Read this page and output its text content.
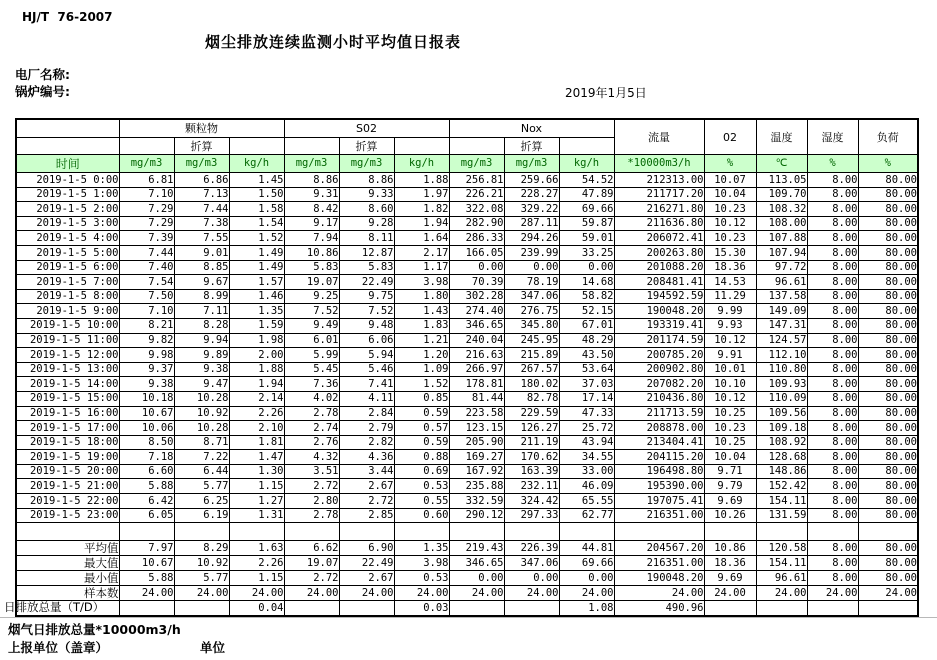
HJ/T  76-2007
烟尘排放连续监测小时平均值日报表
电厂名称:
锅炉编号:	2019年1月5日
	颗粒物			S02			Nox			流量	02	温度	湿度	负荷
		折算			折算			折算						
时间	mg/m3	mg/m3	kg/h	mg/m3	mg/m3	kg/h	mg/m3	mg/m3	kg/h	*10000m3/h	%	℃	%	%
2019-1-5 0:00	6.81	6.86	1.45	8.86	8.86	1.88	256.81	259.66	54.52	212313.00	10.07	113.05	8.00	80.00
2019-1-5 1:00	7.10	7.13	1.50	9.31	9.33	1.97	226.21	228.27	47.89	211717.20	10.04	109.70	8.00	80.00
2019-1-5 2:00	7.29	7.44	1.58	8.42	8.60	1.82	322.08	329.22	69.66	216271.80	10.23	108.32	8.00	80.00
2019-1-5 3:00	7.29	7.38	1.54	9.17	9.28	1.94	282.90	287.11	59.87	211636.80	10.12	108.00	8.00	80.00
2019-1-5 4:00	7.39	7.55	1.52	7.94	8.11	1.64	286.33	294.26	59.01	206072.41	10.23	107.88	8.00	80.00
2019-1-5 5:00	7.44	9.01	1.49	10.86	12.87	2.17	166.05	239.99	33.25	200263.80	15.30	107.94	8.00	80.00
2019-1-5 6:00	7.40	8.85	1.49	5.83	5.83	1.17	0.00	0.00	0.00	201088.20	18.36	97.72	8.00	80.00
2019-1-5 7:00	7.54	9.67	1.57	19.07	22.49	3.98	70.39	78.19	14.68	208481.41	14.53	96.61	8.00	80.00
2019-1-5 8:00	7.50	8.99	1.46	9.25	9.75	1.80	302.28	347.06	58.82	194592.59	11.29	137.58	8.00	80.00
2019-1-5 9:00	7.10	7.11	1.35	7.52	7.52	1.43	274.40	276.75	52.15	190048.20	9.99	149.09	8.00	80.00
2019-1-5 10:00	8.21	8.28	1.59	9.49	9.48	1.83	346.65	345.80	67.01	193319.41	9.93	147.31	8.00	80.00
2019-1-5 11:00	9.82	9.94	1.98	6.01	6.06	1.21	240.04	245.95	48.29	201174.59	10.12	124.57	8.00	80.00
2019-1-5 12:00	9.98	9.89	2.00	5.99	5.94	1.20	216.63	215.89	43.50	200785.20	9.91	112.10	8.00	80.00
2019-1-5 13:00	9.37	9.38	1.88	5.45	5.46	1.09	266.97	267.57	53.64	200902.80	10.01	110.80	8.00	80.00
2019-1-5 14:00	9.38	9.47	1.94	7.36	7.41	1.52	178.81	180.02	37.03	207082.20	10.10	109.93	8.00	80.00
2019-1-5 15:00	10.18	10.28	2.14	4.02	4.11	0.85	81.44	82.78	17.14	210436.80	10.12	110.09	8.00	80.00
2019-1-5 16:00	10.67	10.92	2.26	2.78	2.84	0.59	223.58	229.59	47.33	211713.59	10.25	109.56	8.00	80.00
2019-1-5 17:00	10.06	10.28	2.10	2.74	2.79	0.57	123.15	126.27	25.72	208878.00	10.23	109.18	8.00	80.00
2019-1-5 18:00	8.50	8.71	1.81	2.76	2.82	0.59	205.90	211.19	43.94	213404.41	10.25	108.92	8.00	80.00
2019-1-5 19:00	7.18	7.22	1.47	4.32	4.36	0.88	169.27	170.62	34.55	204115.20	10.04	128.68	8.00	80.00
2019-1-5 20:00	6.60	6.44	1.30	3.51	3.44	0.69	167.92	163.39	33.00	196498.80	9.71	148.86	8.00	80.00
2019-1-5 21:00	5.88	5.77	1.15	2.72	2.67	0.53	235.88	232.11	46.09	195390.00	9.79	152.42	8.00	80.00
2019-1-5 22:00	6.42	6.25	1.27	2.80	2.72	0.55	332.59	324.42	65.55	197075.41	9.69	154.11	8.00	80.00
2019-1-5 23:00	6.05	6.19	1.31	2.78	2.85	0.60	290.12	297.33	62.77	216351.00	10.26	131.59	8.00	80.00

平均值	7.97	8.29	1.63	6.62	6.90	1.35	219.43	226.39	44.81	204567.20	10.86	120.58	8.00	80.00
最大值	10.67	10.92	2.26	19.07	22.49	3.98	346.65	347.06	69.66	216351.00	18.36	154.11	8.00	80.00
最小值	5.88	5.77	1.15	2.72	2.67	0.53	0.00	0.00	0.00	190048.20	9.69	96.61	8.00	80.00
样本数	24.00	24.00	24.00	24.00	24.00	24.00	24.00	24.00	24.00	24.00	24.00	24.00	24.00	24.00
日排放总量（T/D）			0.04			0.03			1.08	490.96				
烟气日排放总量*10000m3/h
上报单位（盖章）	单位
